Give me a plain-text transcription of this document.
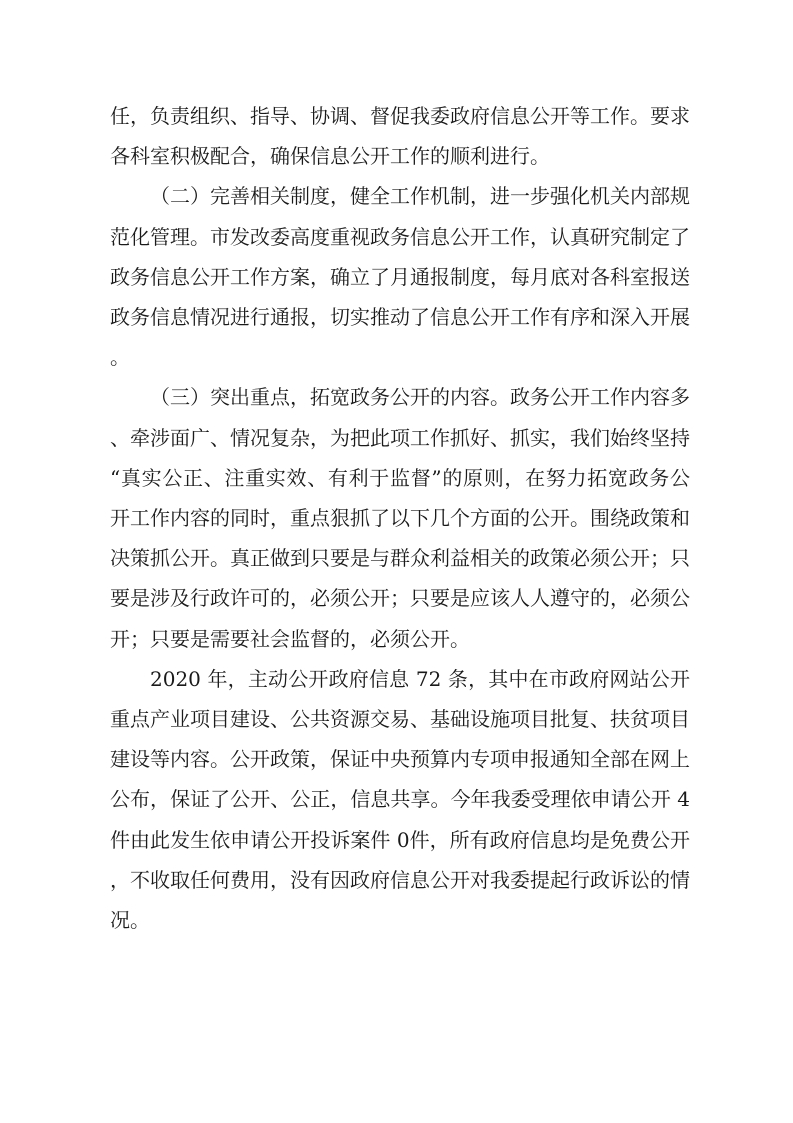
任，负责组织、指导、协调、督促我委政府信息公开等工作。要求各科室积极配合，确保信息公开工作的顺利进行。

（二）完善相关制度，健全工作机制，进一步强化机关内部规范化管理。市发改委高度重视政务信息公开工作，认真研究制定了政务信息公开工作方案，确立了月通报制度，每月底对各科室报送政务信息情况进行通报，切实推动了信息公开工作有序和深入开展。

（三）突出重点，拓宽政务公开的内容。政务公开工作内容多、牵涉面广、情况复杂，为把此项工作抓好、抓实，我们始终坚持“真实公正、注重实效、有利于监督”的原则，在努力拓宽政务公开工作内容的同时，重点狠抓了以下几个方面的公开。围绕政策和决策抓公开。真正做到只要是与群众利益相关的政策必须公开；只要是涉及行政许可的，必须公开；只要是应该人人遵守的，必须公开；只要是需要社会监督的，必须公开。

2020 年，主动公开政府信息 72 条，其中在市政府网站公开重点产业项目建设、公共资源交易、基础设施项目批复、扶贫项目建设等内容。公开政策，保证中央预算内专项申报通知全部在网上公布，保证了公开、公正，信息共享。今年我委受理依申请公开 4 件由此发生依申请公开投诉案件 0件，所有政府信息均是免费公开，不收取任何费用，没有因政府信息公开对我委提起行政诉讼的情况。
